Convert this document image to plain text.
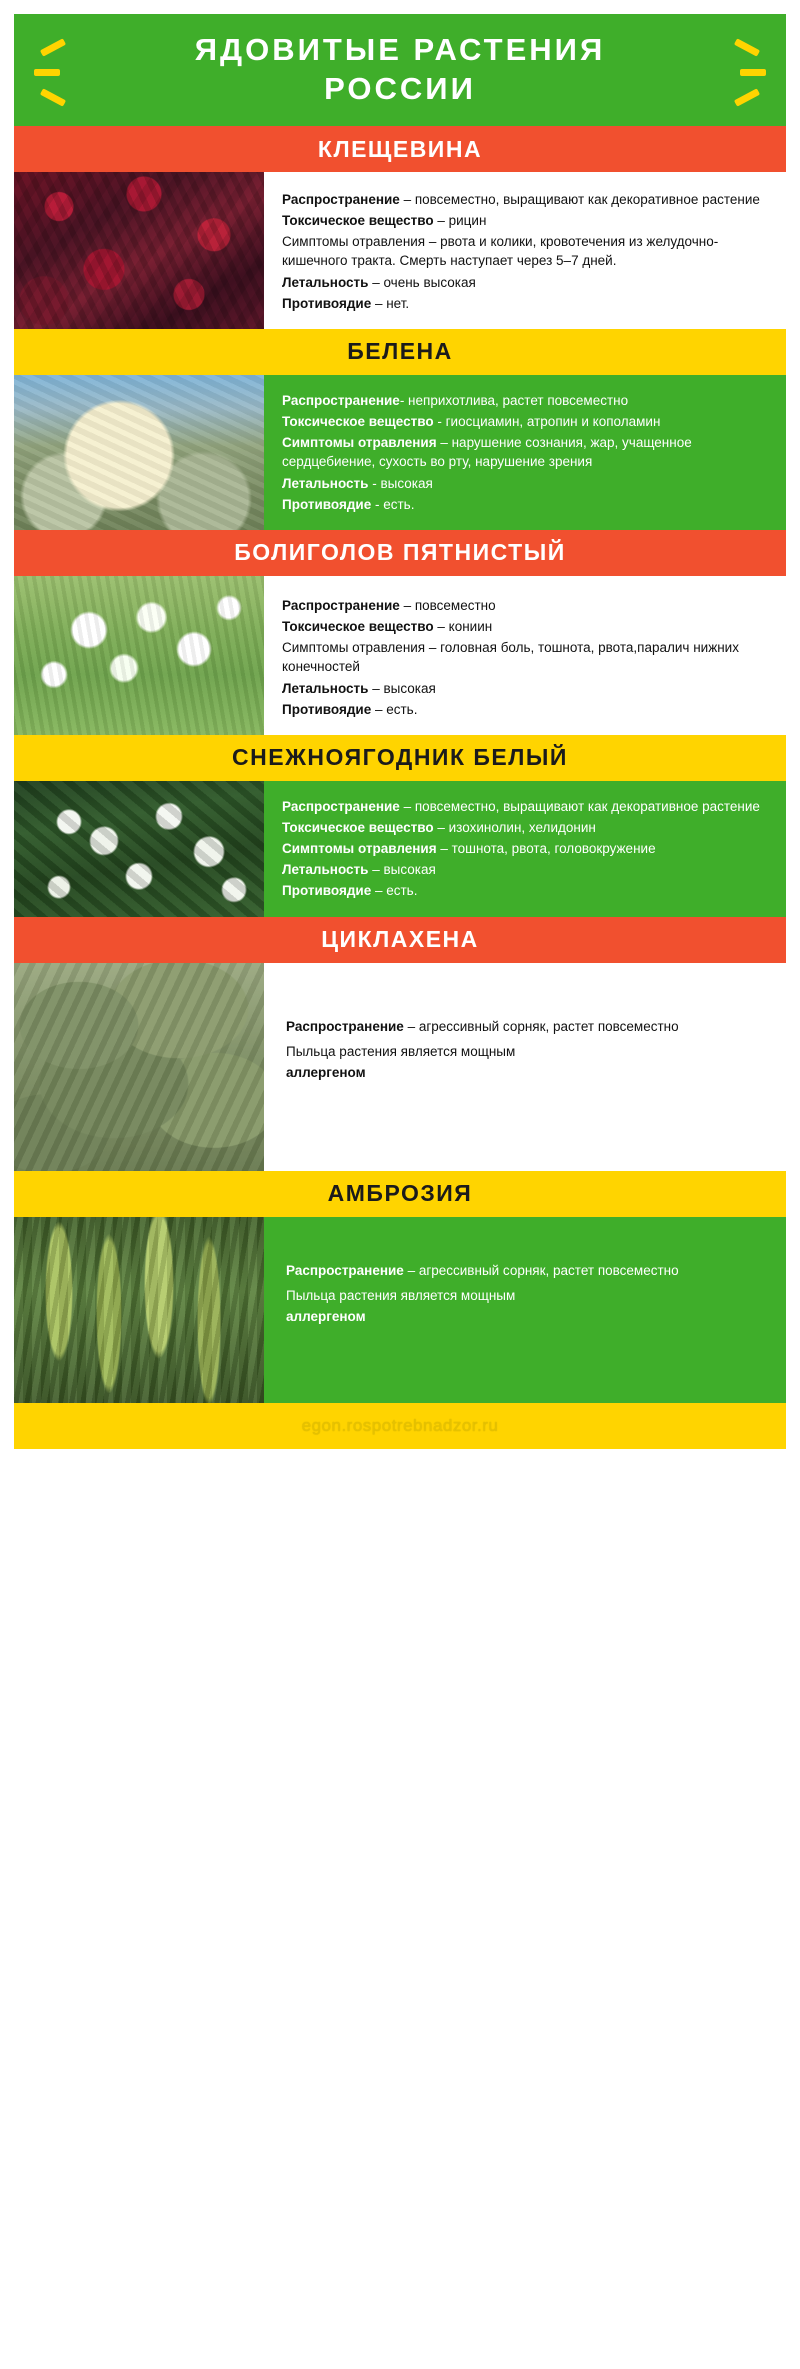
ЯДОВИТЫЕ РАСТЕНИЯ РОССИИ
КЛЕЩЕВИНА

Распространение – повсеместно, выращивают как декоративное растение

Токсическое вещество – рицин

Симптомы отравления – рвота и колики, кровотечения из желудочно-кишечного тракта. Смерть наступает через 5–7 дней.

Летальность – очень высокая

Противоядие – нет.

БЕЛЕНА

Распространение- неприхотлива, растет повсеместно

Токсическое вещество - гиосциамин, атропин и кополамин

Симптомы отравления – нарушение сознания, жар, учащенное сердцебиение, сухость во рту, нарушение зрения

Летальность - высокая

Противоядие - есть.

БОЛИГОЛОВ ПЯТНИСТЫЙ

Распространение – повсеместно

Токсическое вещество – кониин

Симптомы отравления – головная боль, тошнота, рвота,паралич нижних конечностей

Летальность – высокая

Противоядие – есть.

СНЕЖНОЯГОДНИК БЕЛЫЙ

Распространение – повсеместно, выращивают как декоративное растение

Токсическое вещество – изохинолин, хелидонин

Симптомы отравления – тошнота, рвота, головокружение

Летальность – высокая

Противоядие – есть.

ЦИКЛАХЕНА

Распространение – агрессивный сорняк, растет повсеместно

Пыльца растения является мощным

аллергеном

АМБРОЗИЯ

Распространение – агрессивный сорняк, растет повсеместно

Пыльца растения является мощным

аллергеном

egon.rospotrebnadzor.ru
